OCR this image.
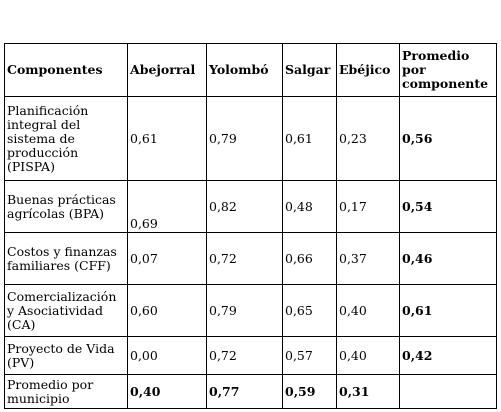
Componentes	Abejorral	Yolombó	Salgar	Ebéjico	Promedio por componente
Planificación integral del sistema de producción (PISPA)	0,61	0,79	0,61	0,23	0,56
Buenas prácticas agrícolas (BPA)	0,69	0,82	0,48	0,17	0,54
Costos y finanzas familiares (CFF)	0,07	0,72	0,66	0,37	0,46
Comercialización y Asociatividad (CA)	0,60	0,79	0,65	0,40	0,61
Proyecto de Vida (PV)	0,00	0,72	0,57	0,40	0,42
Promedio por municipio	0,40	0,77	0,59	0,31	
